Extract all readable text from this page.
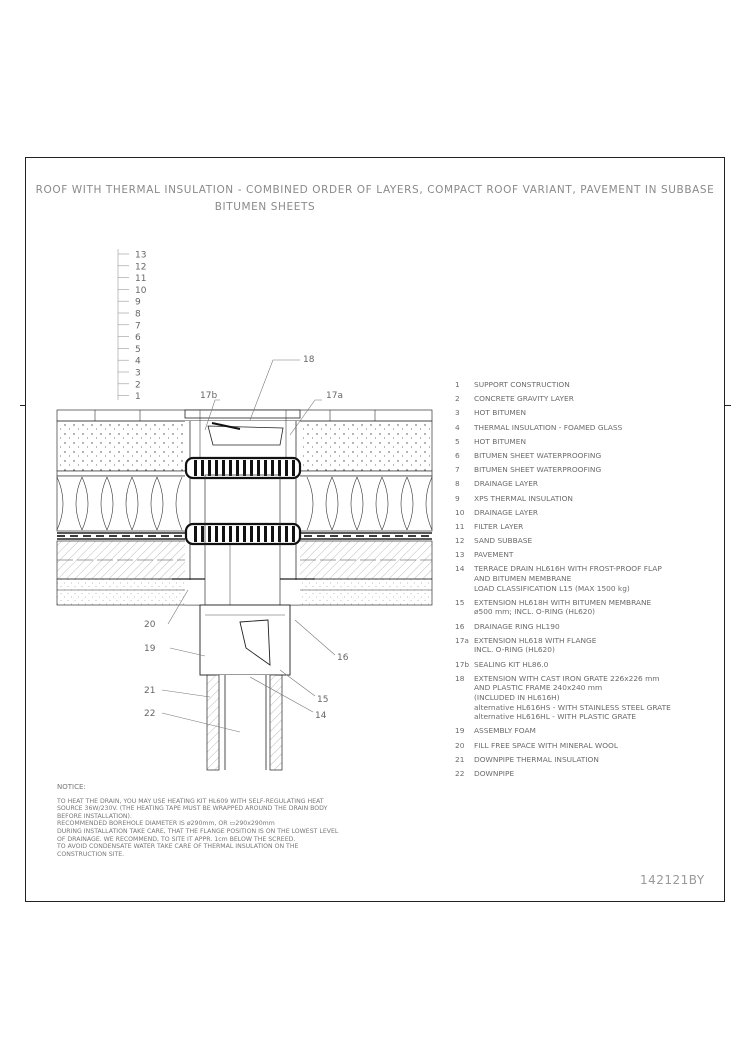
ROOF WITH THERMAL INSULATION - COMBINED ORDER OF LAYERS, COMPACT ROOF VARIANT, PAVEMENT IN SUBBASE
BITUMEN SHEETS
13
12
11
10
9
8
7
6
5
4
3
2
1
18
17b	17a
20
19
16
15
14
21
22
1	SUPPORT CONSTRUCTION
2	CONCRETE GRAVITY LAYER
3	HOT BITUMEN
4	THERMAL INSULATION - FOAMED GLASS
5	HOT BITUMEN
6	BITUMEN SHEET WATERPROOFING
7	BITUMEN SHEET WATERPROOFING
8	DRAINAGE LAYER
9	XPS THERMAL INSULATION
10	DRAINAGE LAYER
11	FILTER LAYER
12	SAND SUBBASE
13	PAVEMENT
14	TERRACE DRAIN HL616H WITH FROST-PROOF FLAP
AND BITUMEN MEMBRANE
LOAD CLASSIFICATION L15 (MAX 1500 kg)
15	EXTENSION HL618H WITH BITUMEN MEMBRANE
ø500 mm; INCL. O-RING (HL620)
16	DRAINAGE RING HL190
17a EXTENSION HL618 WITH FLANGE
INCL. O-RING (HL620)
17b SEALING KIT HL86.0
18	EXTENSION WITH CAST IRON GRATE 226x226 mm
AND PLASTIC FRAME 240x240 mm
(INCLUDED IN HL616H)
alternative HL616HS - WITH STAINLESS STEEL GRATE
alternative HL616HL - WITH PLASTIC GRATE
19	ASSEMBLY FOAM
20	FILL FREE SPACE WITH MINERAL WOOL
21	DOWNPIPE THERMAL INSULATION
22	DOWNPIPE
NOTICE:

TO HEAT THE DRAIN, YOU MAY USE HEATING KIT HL609 WITH SELF-REGULATING HEAT

SOURCE 36W/230V. (THE HEATING TAPE MUST BE WRAPPED AROUND THE DRAIN BODY

BEFORE INSTALLATION).

RECOMMENDED BOREHOLE DIAMETER IS ø290mm, OR ▭290x290mm

DURING INSTALLATION TAKE CARE, THAT THE FLANGE POSITION IS ON THE LOWEST LEVEL

OF DRAINAGE. WE RECOMMEND, TO SITE IT APPR. 1cm BELOW THE SCREED.

TO AVOID CONDENSATE WATER TAKE CARE OF THERMAL INSULATION ON THE

CONSTRUCTION SITE.

142121BY
